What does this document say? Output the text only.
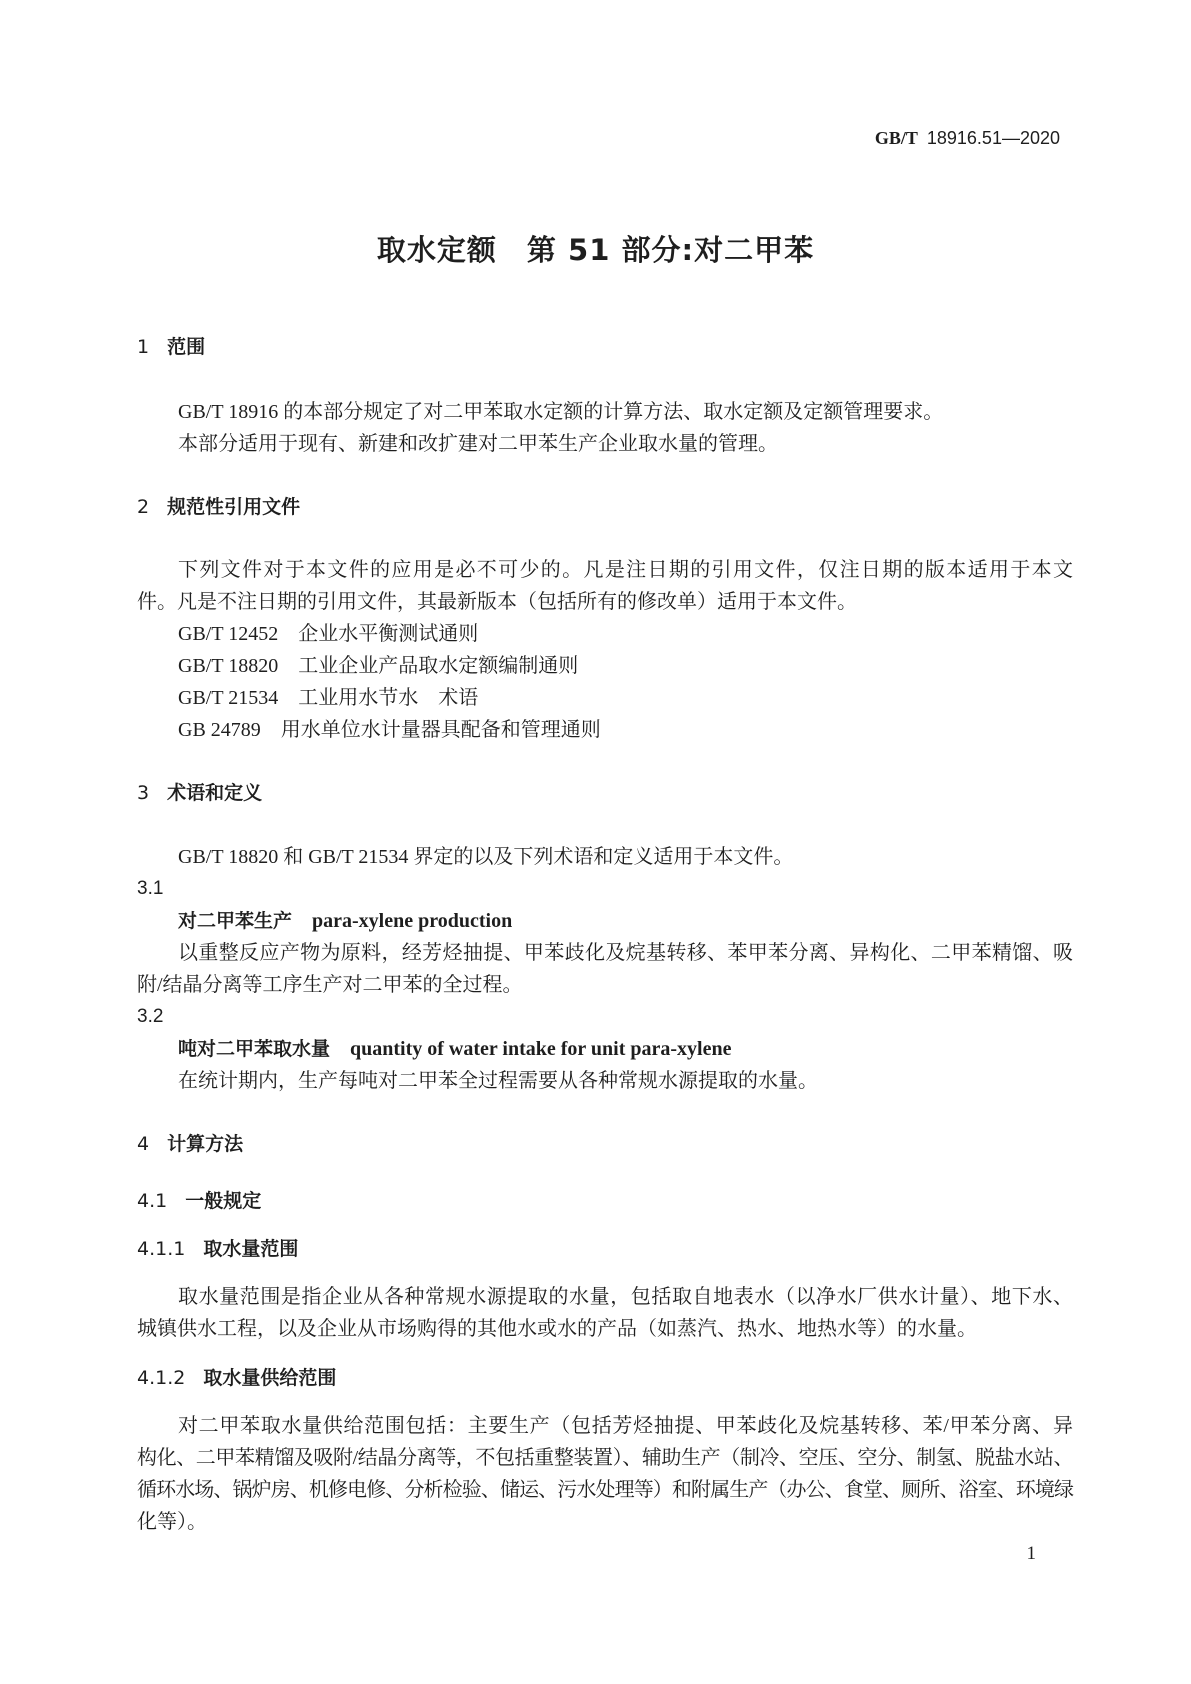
GB/T 18916.51—2020
取水定额　第 51 部分:对二甲苯
1 范围
GB/T 18916 的本部分规定了对二甲苯取水定额的计算方法、取水定额及定额管理要求。
本部分适用于现有、新建和改扩建对二甲苯生产企业取水量的管理。
2 规范性引用文件
下列文件对于本文件的应用是必不可少的。凡是注日期的引用文件，仅注日期的版本适用于本文
件。凡是不注日期的引用文件，其最新版本（包括所有的修改单）适用于本文件。
GB/T 12452 企业水平衡测试通则
GB/T 18820 工业企业产品取水定额编制通则
GB/T 21534 工业用水节水　术语
GB 24789 用水单位水计量器具配备和管理通则
3 术语和定义
GB/T 18820 和 GB/T 21534 界定的以及下列术语和定义适用于本文件。
3.1
对二甲苯生产 para-xylene production
以重整反应产物为原料，经芳烃抽提、甲苯歧化及烷基转移、苯甲苯分离、异构化、二甲苯精馏、吸
附/结晶分离等工序生产对二甲苯的全过程。
3.2
吨对二甲苯取水量 quantity of water intake for unit para-xylene
在统计期内，生产每吨对二甲苯全过程需要从各种常规水源提取的水量。
4 计算方法
4.1 一般规定
4.1.1 取水量范围
取水量范围是指企业从各种常规水源提取的水量，包括取自地表水（以净水厂供水计量）、地下水、
城镇供水工程，以及企业从市场购得的其他水或水的产品（如蒸汽、热水、地热水等）的水量。
4.1.2 取水量供给范围
对二甲苯取水量供给范围包括：主要生产（包括芳烃抽提、甲苯歧化及烷基转移、苯/甲苯分离、异
构化、二甲苯精馏及吸附/结晶分离等，不包括重整装置）、辅助生产（制冷、空压、空分、制氢、脱盐水站、
循环水场、锅炉房、机修电修、分析检验、储运、污水处理等）和附属生产（办公、食堂、厕所、浴室、环境绿
化等）。
1
